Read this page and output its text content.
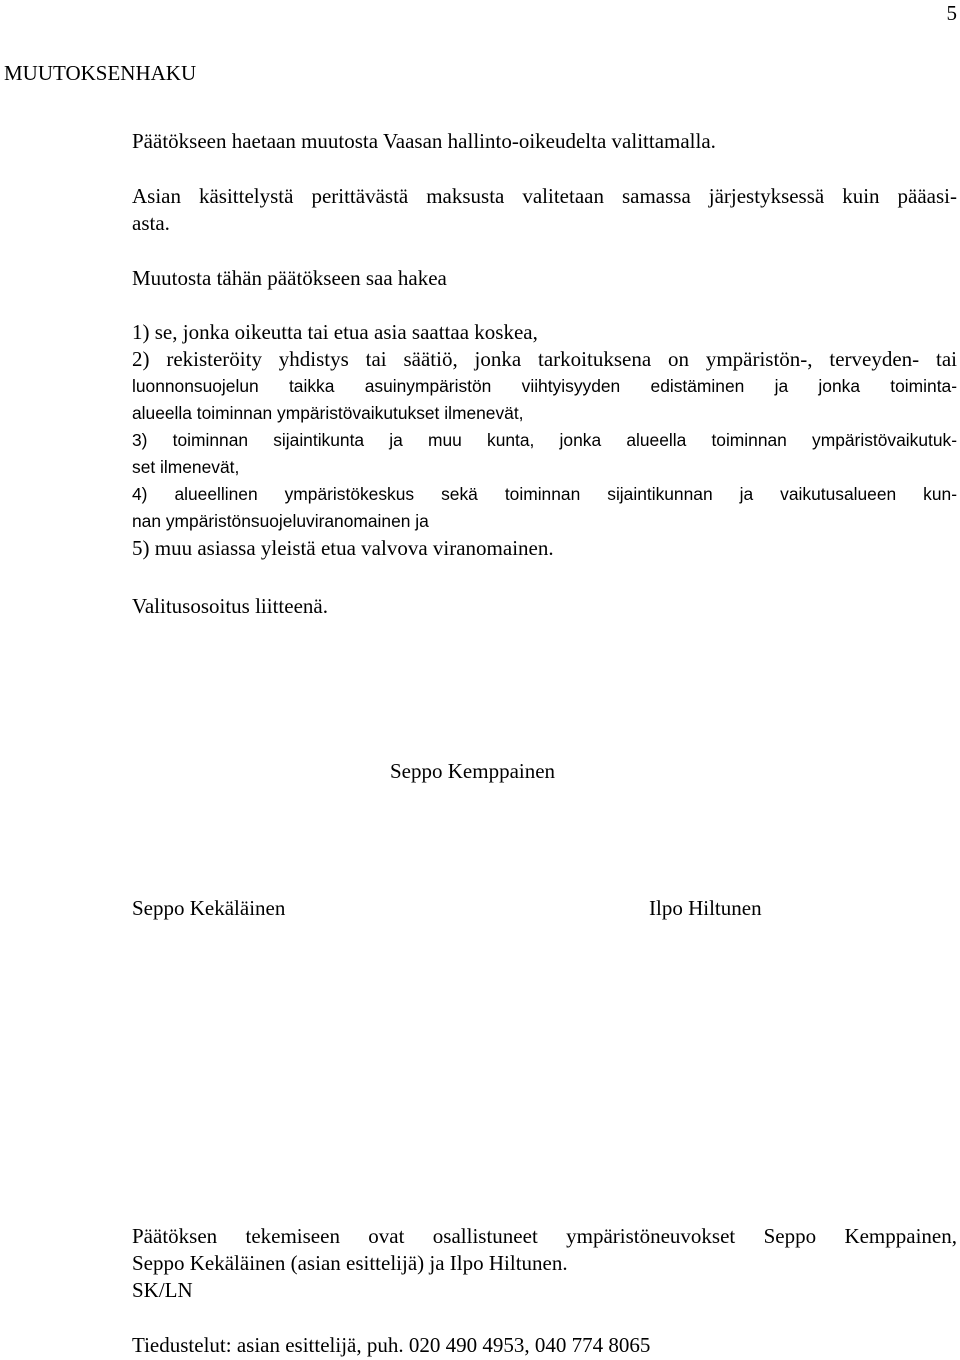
5
MUUTOKSENHAKU
Päätökseen haetaan muutosta Vaasan hallinto-oikeudelta valittamalla.
Asian käsittelystä perittävästä maksusta valitetaan samassa järjestyksessä kuin pääasi-
asta.
Muutosta tähän päätökseen saa hakea
1) se, jonka oikeutta tai etua asia saattaa koskea,
2) rekisteröity yhdistys tai säätiö, jonka tarkoituksena on ympäristön-, terveyden- tai
luonnonsuojelun taikka asuinympäristön viihtyisyyden edistäminen ja jonka toiminta-
alueella toiminnan ympäristövaikutukset ilmenevät,
3) toiminnan sijaintikunta ja muu kunta, jonka alueella toiminnan ympäristövaikutuk-
set ilmenevät,
4) alueellinen ympäristökeskus sekä toiminnan sijaintikunnan ja vaikutusalueen kun-
nan ympäristönsuojeluviranomainen ja
5) muu asiassa yleistä etua valvova viranomainen.
Valitusosoitus liitteenä.
Seppo Kemppainen
Seppo Kekäläinen	Ilpo Hiltunen
Päätöksen tekemiseen ovat osallistuneet ympäristöneuvokset Seppo Kemppainen,
Seppo Kekäläinen (asian esittelijä) ja Ilpo Hiltunen.
SK/LN
Tiedustelut: asian esittelijä, puh. 020 490 4953, 040 774 8065
